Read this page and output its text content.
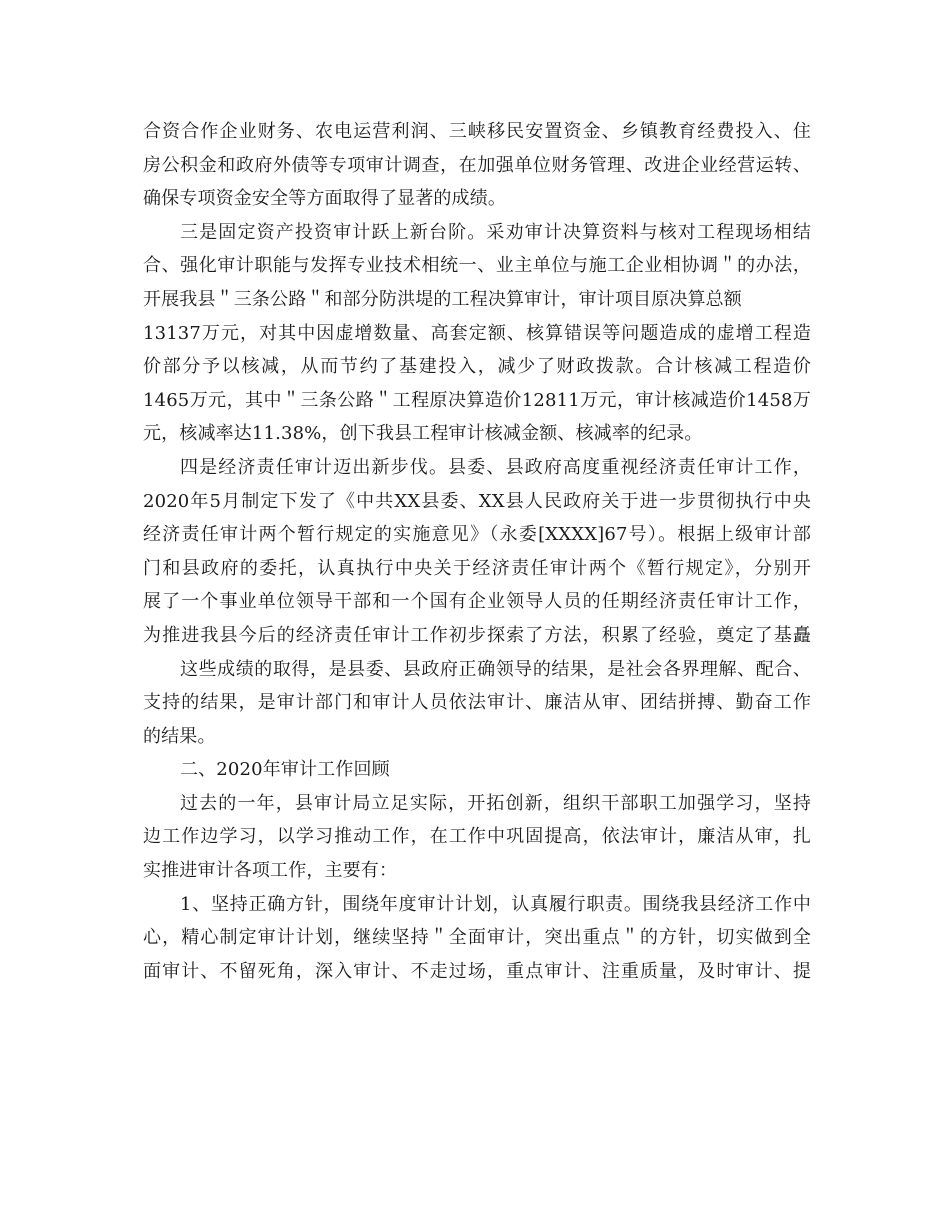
合资合作企业财务、农电运营利润、三峡移民安置资金、乡镇教育经费投入、住
房公积金和政府外债等专项审计调查，在加强单位财务管理、改进企业经营运转、
确保专项资金安全等方面取得了显著的成绩。
三是固定资产投资审计跃上新台阶。采劝审计决算资料与核对工程现场相结
合、强化审计职能与发挥专业技术相统一、业主单位与施工企业相协调＂的办法，
开展我县＂三条公路＂和部分防洪堤的工程决算审计，审计项目原决算总额
13137万元，对其中因虚增数量、高套定额、核算错误等问题造成的虚增工程造
价部分予以核减，从而节约了基建投入，减少了财政拨款。合计核减工程造价
1465万元，其中＂三条公路＂工程原决算造价12811万元，审计核减造价1458万
元，核减率达11.38%，创下我县工程审计核减金额、核减率的纪录。
四是经济责任审计迈出新步伐。县委、县政府高度重视经济责任审计工作，
2020年5月制定下发了《中共XX县委、XX县人民政府关于进一步贯彻执行中央
经济责任审计两个暂行规定的实施意见》（永委[XXXX]67号）。根据上级审计部
门和县政府的委托，认真执行中央关于经济责任审计两个《暂行规定》，分别开
展了一个事业单位领导干部和一个国有企业领导人员的任期经济责任审计工作，
为推进我县今后的经济责任审计工作初步探索了方法，积累了经验，奠定了基矗
这些成绩的取得，是县委、县政府正确领导的结果，是社会各界理解、配合、
支持的结果，是审计部门和审计人员依法审计、廉洁从审、团结拼搏、勤奋工作
的结果。
二、2020年审计工作回顾
过去的一年，县审计局立足实际，开拓创新，组织干部职工加强学习，坚持
边工作边学习，以学习推动工作，在工作中巩固提高，依法审计，廉洁从审，扎
实推进审计各项工作，主要有：
1、坚持正确方针，围绕年度审计计划，认真履行职责。围绕我县经济工作中
心，精心制定审计计划，继续坚持＂全面审计，突出重点＂的方针，切实做到全
面审计、不留死角，深入审计、不走过场，重点审计、注重质量，及时审计、提
